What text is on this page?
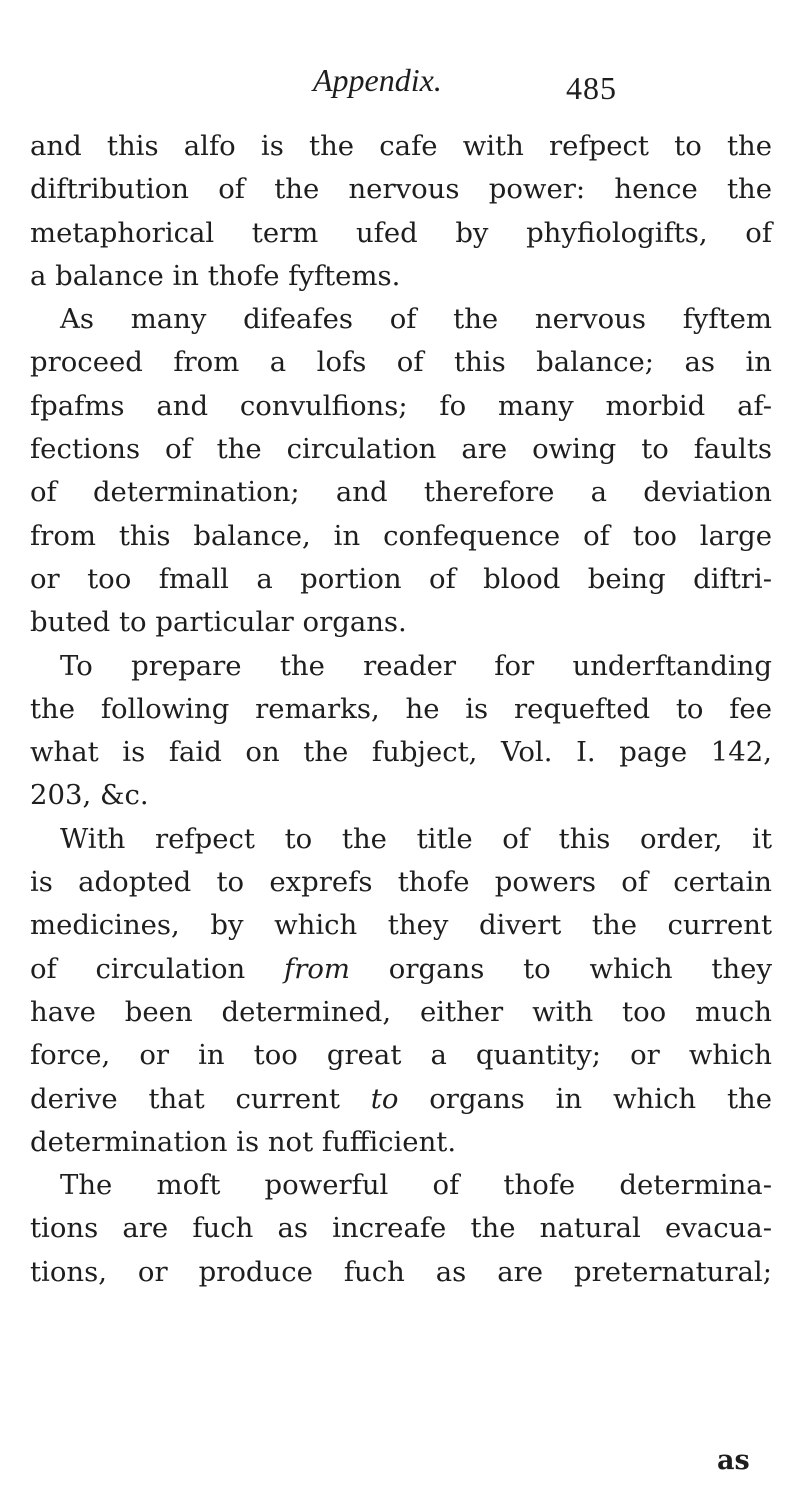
Appendix.	485
and this alfo is the cafe with refpect to the
diftribution of the nervous power: hence the
metaphorical term ufed by phyfiologifts, of
a balance in thofe fyftems.
As many difeafes of the nervous fyftem
proceed from a lofs of this balance; as in
fpafms and convulfions; fo many morbid af-
fections of the circulation are owing to faults
of determination; and therefore a deviation
from this balance, in confequence of too large
or too fmall a portion of blood being diftri-
buted to particular organs.
To prepare the reader for underftanding
the following remarks, he is requefted to fee
what is faid on the fubject, Vol. I. page 142,
203, &c.
With refpect to the title of this order, it
is adopted to exprefs thofe powers of certain
medicines, by which they divert the current
of circulation from organs to which they
have been determined, either with too much
force, or in too great a quantity; or which
derive that current to organs in which the
determination is not fufficient.
The moft powerful of thofe determina-
tions are fuch as increafe the natural evacua-
tions, or produce fuch as are preternatural;
as
